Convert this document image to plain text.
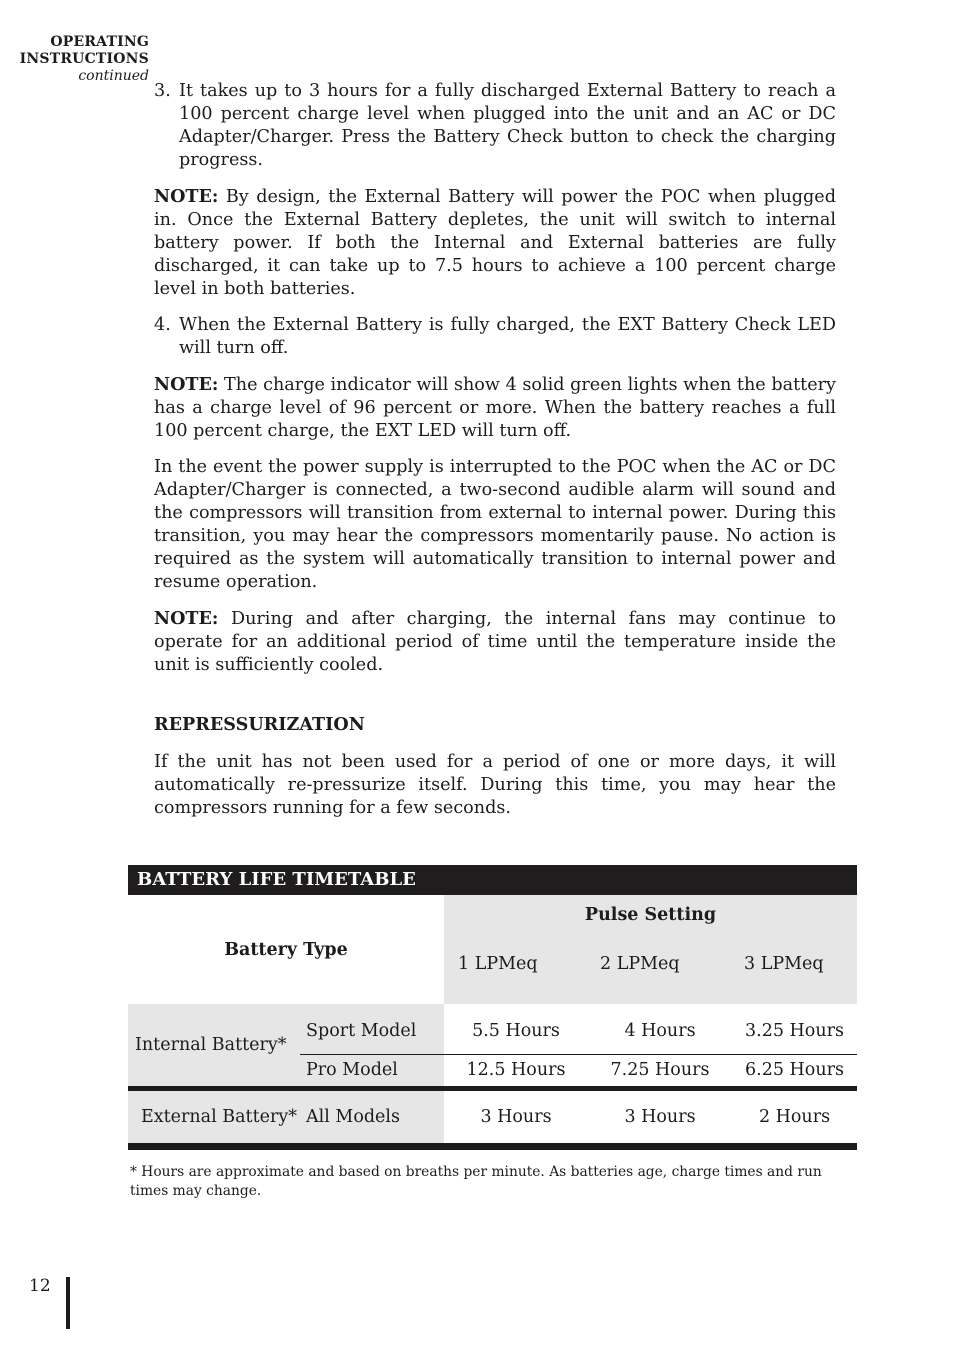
OPERATING
INSTRUCTIONS
continued
3. It takes up to 3 hours for a fully discharged External Battery to reach a 100 percent charge level when plugged into the unit and an AC or DC Adapter/Charger. Press the Battery Check button to check the charging progress.

NOTE: By design, the External Battery will power the POC when plugged in. Once the External Battery depletes, the unit will switch to internal battery power. If both the Internal and External batteries are fully discharged, it can take up to 7.5 hours to achieve a 100 percent charge level in both batteries.

4. When the External Battery is fully charged, the EXT Battery Check LED will turn off.

NOTE: The charge indicator will show 4 solid green lights when the battery has a charge level of 96 percent or more. When the battery reaches a full 100 percent charge, the EXT LED will turn off.

In the event the power supply is interrupted to the POC when the AC or DC Adapter/Charger is connected, a two-second audible alarm will sound and the compressors will transition from external to internal power. During this transition, you may hear the compressors momentarily pause. No action is required as the system will automatically transition to internal power and resume operation.

NOTE: During and after charging, the internal fans may continue to operate for an additional period of time until the temperature inside the unit is sufficiently cooled.

REPRESSURIZATION

If the unit has not been used for a period of one or more days, it will automatically re-pressurize itself. During this time, you may hear the compressors running for a few seconds.

BATTERY LIFE TIMETABLE
Battery Type		Pulse Setting		
		1 LPMeq	2 LPMeq	3 LPMeq
Internal Battery*	Sport Model	5.5 Hours	4 Hours	3.25 Hours
	Pro Model	12.5 Hours	7.25 Hours	6.25 Hours
External Battery*	All Models	3 Hours	3 Hours	2 Hours
* Hours are approximate and based on breaths per minute. As batteries age, charge times and run times may change.
12
